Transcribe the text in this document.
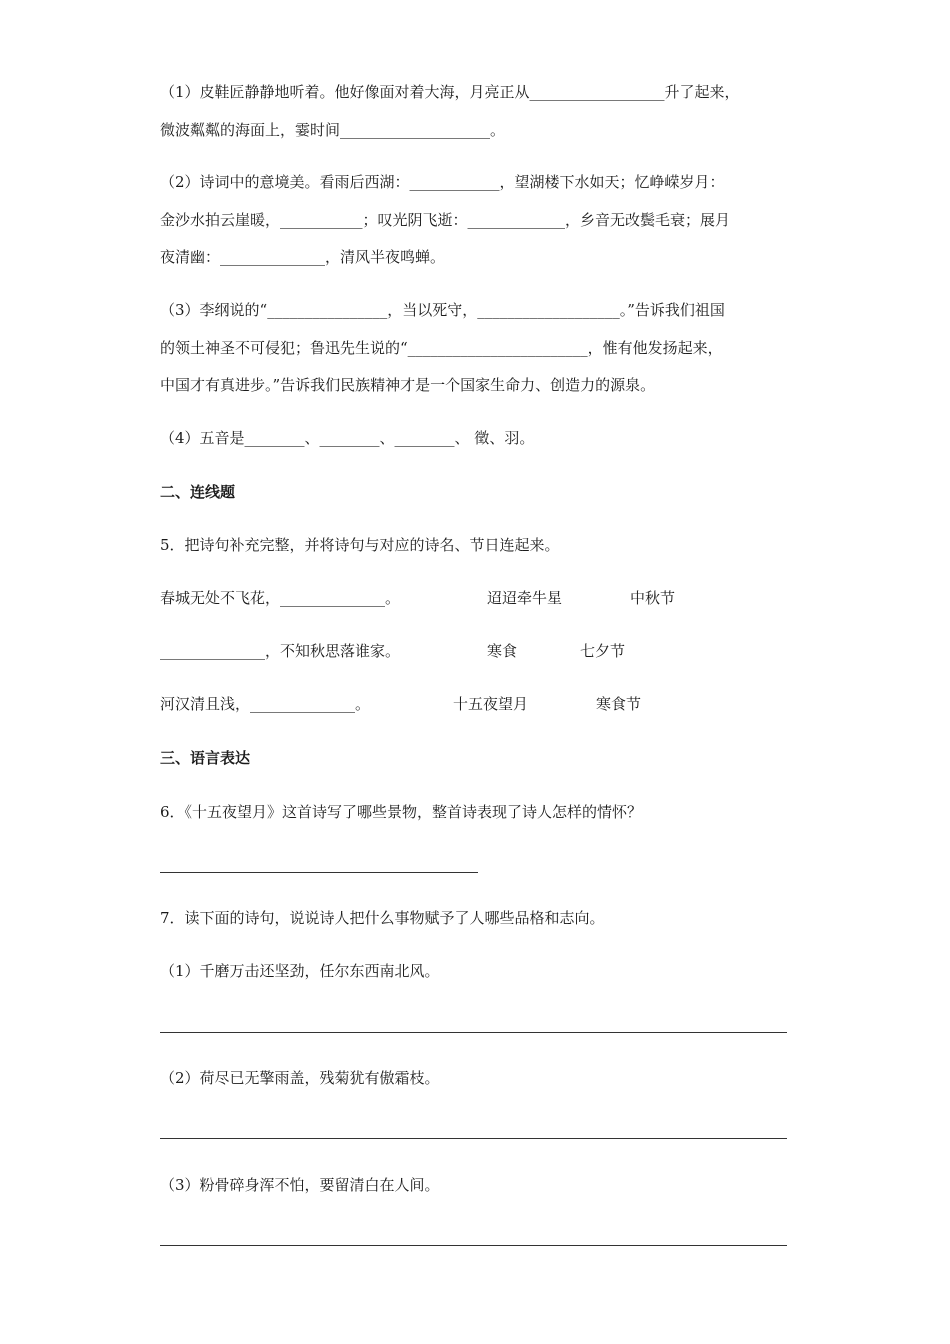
（1）皮鞋匠静静地听着。他好像面对着大海，月亮正从__________________升了起来，
微波粼粼的海面上，霎时间____________________。
（2）诗词中的意境美。看雨后西湖：____________，望湖楼下水如天；忆峥嵘岁月：
金沙水拍云崖暖，___________；叹光阴飞逝：_____________，乡音无改鬓毛衰；展月
夜清幽：______________，清风半夜鸣蝉。
（3）李纲说的“________________，当以死守，___________________。”告诉我们祖国
的领土神圣不可侵犯；鲁迅先生说的“________________________，惟有他发扬起来，
中国才有真进步。”告诉我们民族精神才是一个国家生命力、创造力的源泉。
（4）五音是________、________、________、 徵、羽。
二、连线题
5．把诗句补充完整，并将诗句与对应的诗名、节日连起来。
春城无处不飞花，______________。	迢迢牵牛星	中秋节
______________，不知秋思落谁家。	寒食	七夕节
河汉清且浅，______________。	十五夜望月	寒食节
三、语言表达
6．《十五夜望月》这首诗写了哪些景物，整首诗表现了诗人怎样的情怀？
7．读下面的诗句，说说诗人把什么事物赋予了人哪些品格和志向。
（1）千磨万击还坚劲，任尔东西南北风。
（2）荷尽已无擎雨盖，残菊犹有傲霜枝。
（3）粉骨碎身浑不怕，要留清白在人间。
